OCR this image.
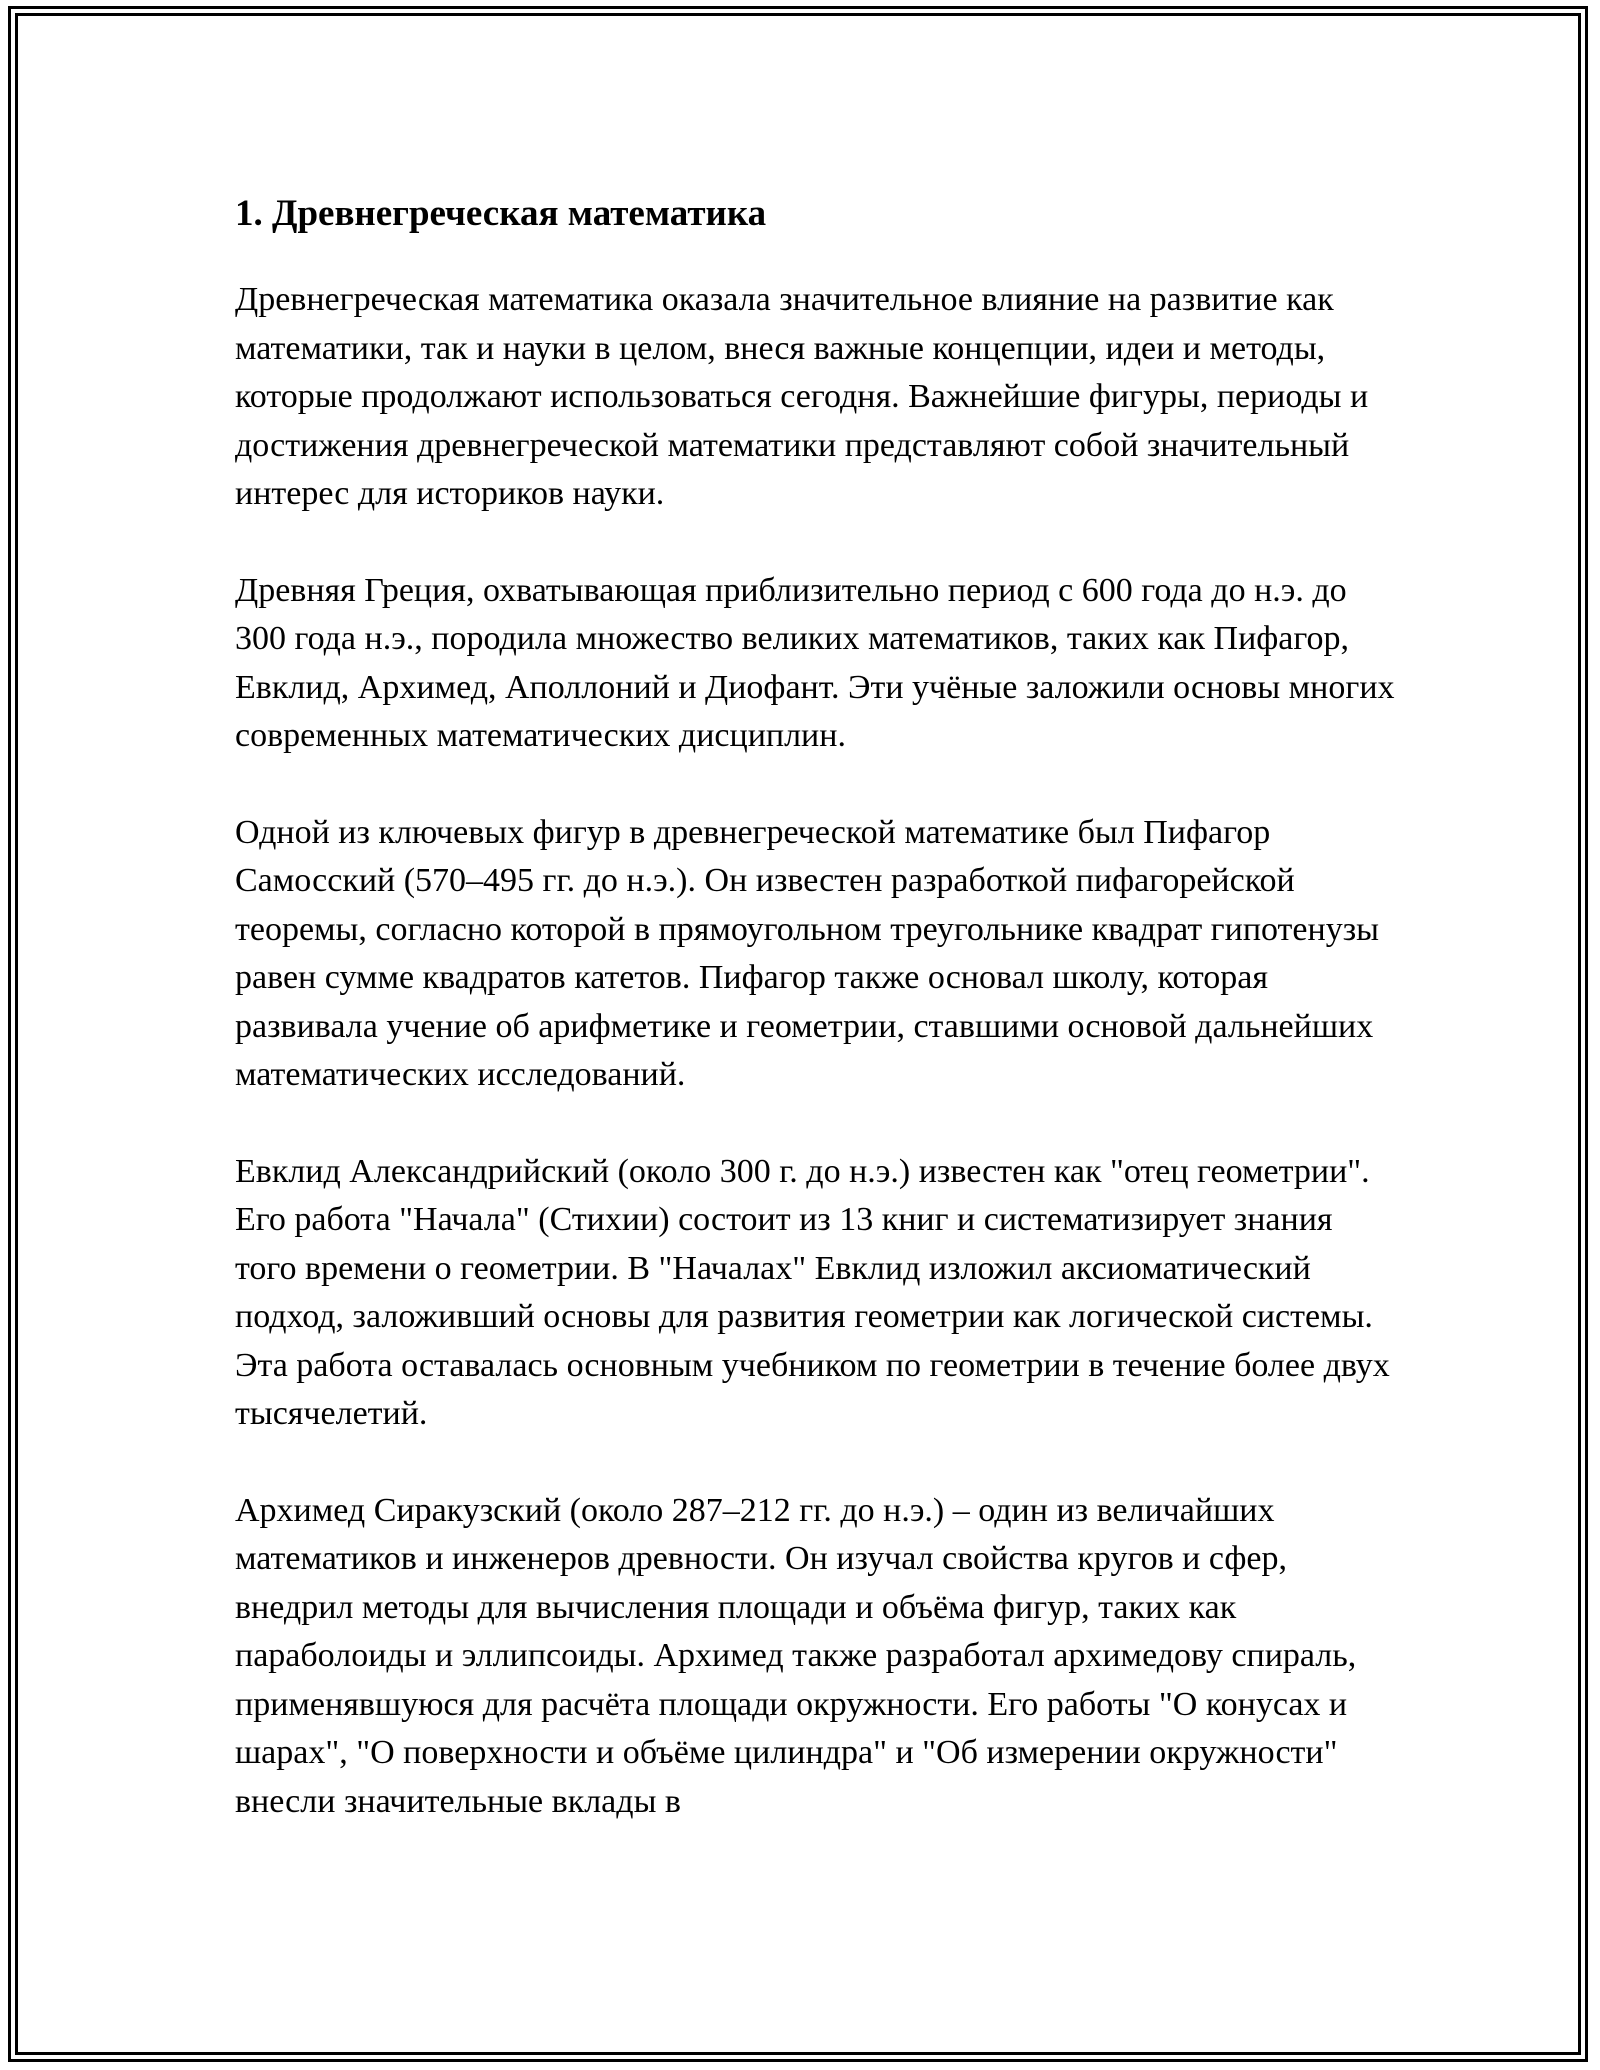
1. Древнегреческая математика

Древнегреческая математика оказала значительное влияние на развитие как математики, так и науки в целом, внеся важные концепции, идеи и методы, которые продолжают использоваться сегодня. Важнейшие фигуры, периоды и достижения древнегреческой математики представляют собой значительный интерес для историков науки.

Древняя Греция, охватывающая приблизительно период с 600 года до н.э. до 300 года н.э., породила множество великих математиков, таких как Пифагор, Евклид, Архимед, Аполлоний и Диофант. Эти учёные заложили основы многих современных математических дисциплин.

Одной из ключевых фигур в древнегреческой математике был Пифагор Самосский (570–495 гг. до н.э.). Он известен разработкой пифагорейской теоремы, согласно которой в прямоугольном треугольнике квадрат гипотенузы равен сумме квадратов катетов. Пифагор также основал школу, которая развивала учение об арифметике и геометрии, ставшими основой дальнейших математических исследований.

Евклид Александрийский (около 300 г. до н.э.) известен как "отец геометрии". Его работа "Начала" (Стихии) состоит из 13 книг и систематизирует знания того времени о геометрии. В "Началах" Евклид изложил аксиоматический подход, заложивший основы для развития геометрии как логической системы. Эта работа оставалась основным учебником по геометрии в течение более двух тысячелетий.

Архимед Сиракузский (около 287–212 гг. до н.э.) – один из величайших математиков и инженеров древности. Он изучал свойства кругов и сфер, внедрил методы для вычисления площади и объёма фигур, таких как параболоиды и эллипсоиды. Архимед также разработал архимедову спираль, применявшуюся для расчёта площади окружности. Его работы "О конусах и шарах", "О поверхности и объёме цилиндра" и "Об измерении окружности" внесли значительные вклады в
